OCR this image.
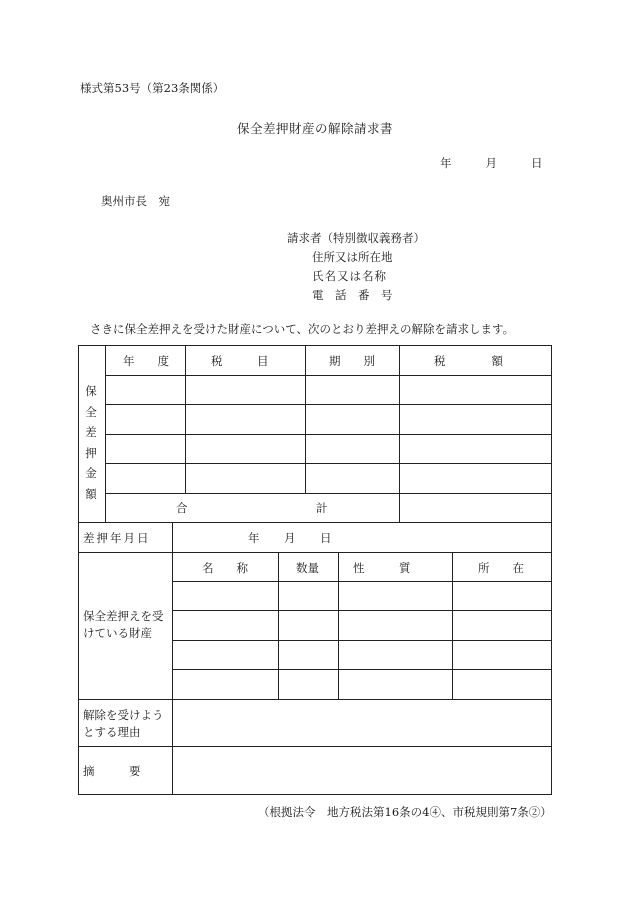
様式第53号（第23条関係）
保全差押財産の解除請求書
年	月	日
奥州市長　宛
請求者（特別徴収義務者）
住所又は所在地
氏名又は名称
電　話　番　号
さきに保全差押えを受けた財産について、次のとおり差押えの解除を請求します。
保全差押金額
年　　度	税　　　目	期　　別	税　　　　額
合	計
差押年月日	年 月 日
保全差押えを受けている財産
名　　称	数量	性　　　質	所　　在
解除を受けようとする理由
摘　　　要
（根拠法令　地方税法第16条の4④、市税規則第7条②）
